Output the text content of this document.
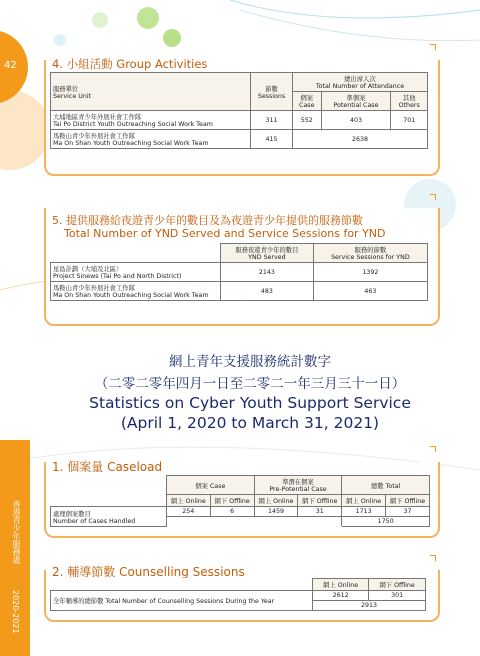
42
香港青少年服務處
2020-2021
4. 小組活動 Group Activities
服務單位
Service Unit	節數
Sessions	總出席人次
Total Number of Attendance		
		個案
Case	準個案
Potential Case	其他
Others
大埔地區青少年外展社會工作隊
Tai Po District Youth Outreaching Social Work Team	311	552	403	701
馬鞍山青少年外展社會工作隊
Ma On Shan Youth Outreaching Social Work Team	415	2638		
5. 提供服務給夜遊青少年的數目及為夜遊青少年提供的服務節數
Total Number of YND Served and Service Sessions for YND
	服務夜遊青少年的數目
YND Served	服務的節數
Service Sessions for YND
星島計劃（大埔及北區）
Project Sinews (Tai Po and North District)	2143	1392
馬鞍山青少年外展社會工作隊
Ma On Shan Youth Outreaching Social Work Team	483	463
網上青年支援服務統計數字
（二零二零年四月一日至二零二一年三月三十一日）
Statistics on Cyber Youth Support Service
(April 1, 2020 to March 31, 2021)
1. 個案量 Caseload
	個案 Case		準潛在個案
Pre-Potential Case		總數 Total	
	網上 Online	網下 Offline	網上 Online	網下 Offline	網上 Online	網下 Offline
處理個案數目
Number of Cases Handled	254	6	1459	31	1713	37
					1750	
2. 輔導節數 Counselling Sessions
	網上 Online	網下 Offline
全年輔導的總節數 Total Number of Counselling Sessions During the Year	2612	301
	2913	
